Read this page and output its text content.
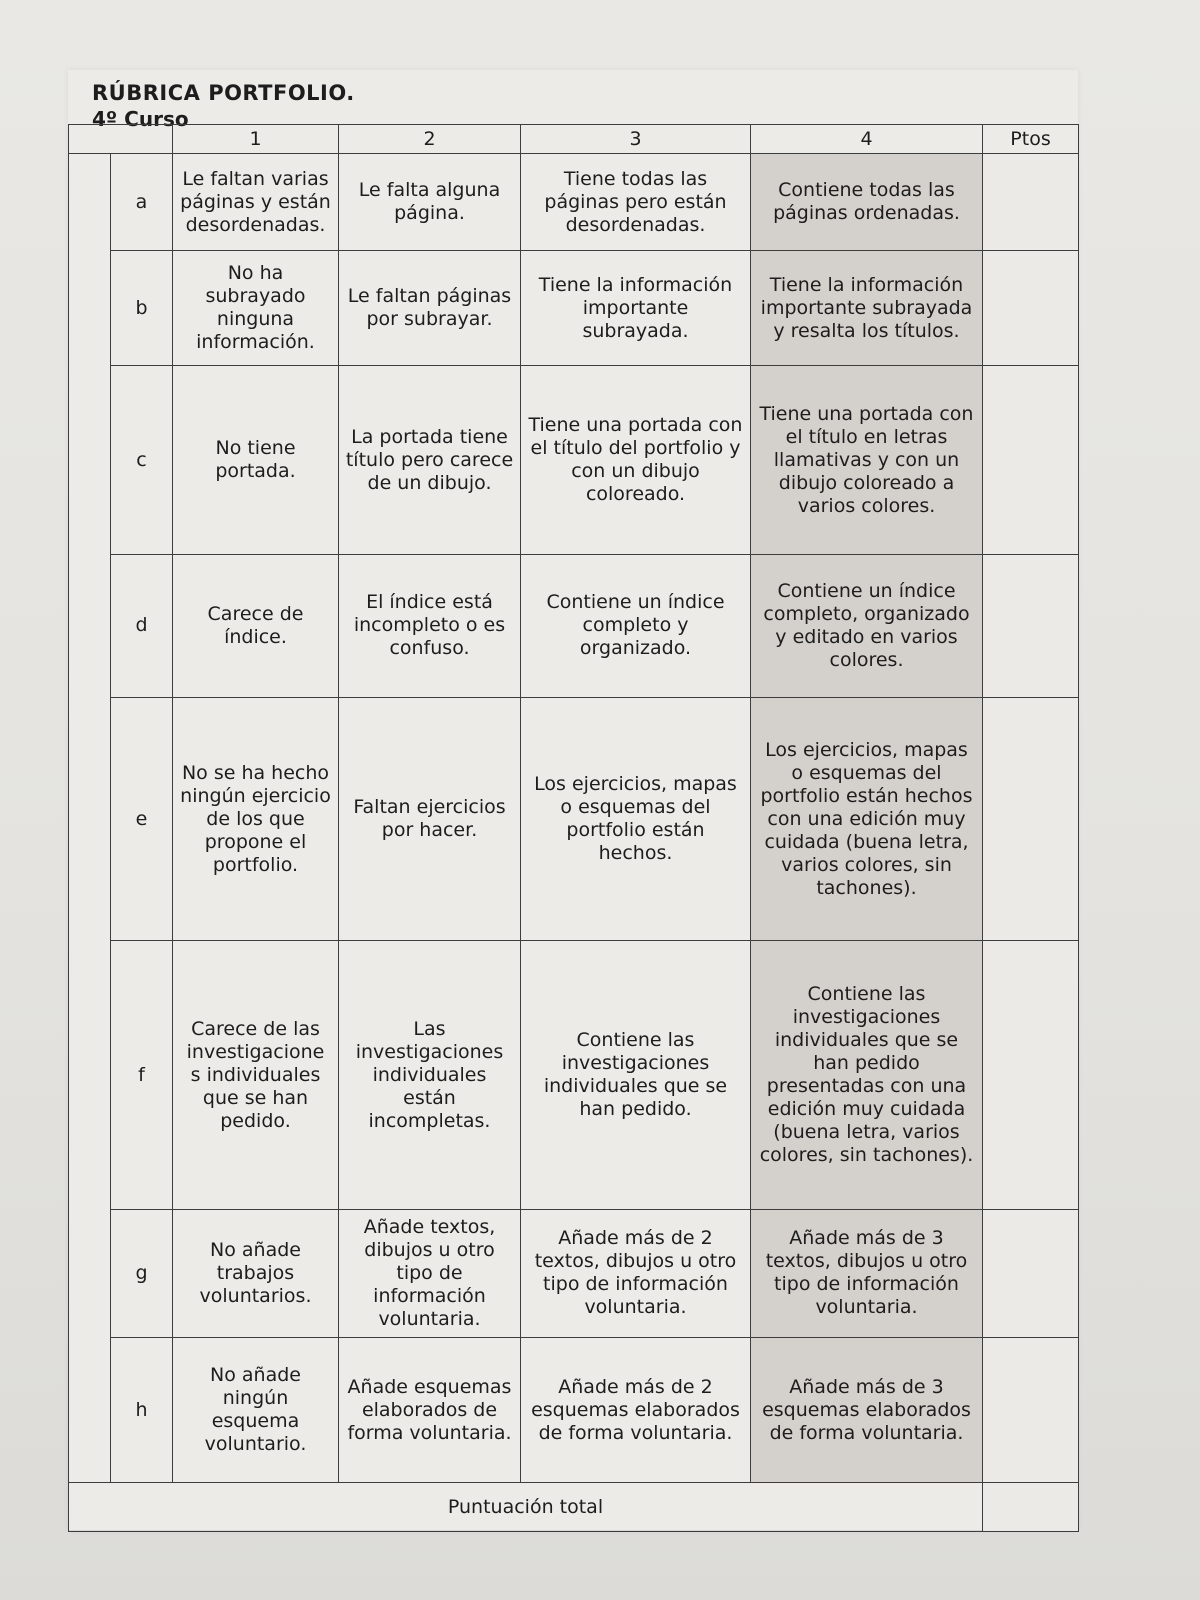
RÚBRICA PORTFOLIO.
4º Curso
		1	2	3	4	Ptos
	a	Le faltan varias páginas y están desordenadas.	Le falta alguna página.	Tiene todas las páginas pero están desordenadas.	Contiene todas las páginas ordenadas.	
	b	No ha subrayado ninguna información.	Le faltan páginas por subrayar.	Tiene la información importante subrayada.	Tiene la información importante subrayada y resalta los títulos.	
	c	No tiene portada.	La portada tiene título pero carece de un dibujo.	Tiene una portada con el título del portfolio y con un dibujo coloreado.	Tiene una portada con el título en letras llamativas y con un dibujo coloreado a varios colores.	
	d	Carece de índice.	El índice está incompleto o es confuso.	Contiene un índice completo y organizado.	Contiene un índice completo, organizado y editado en varios colores.	
	e	No se ha hecho ningún ejercicio de los que propone el portfolio.	Faltan ejercicios por hacer.	Los ejercicios, mapas o esquemas del portfolio están hechos.	Los ejercicios, mapas o esquemas del portfolio están hechos con una edición muy cuidada (buena letra, varios colores, sin tachones).	
	f	Carece de las investigacione s individuales que se han pedido.	Las investigaciones individuales están incompletas.	Contiene las investigaciones individuales que se han pedido.	Contiene las investigaciones individuales que se han pedido presentadas con una edición muy cuidada (buena letra, varios colores, sin tachones).	
	g	No añade trabajos voluntarios.	Añade textos, dibujos u otro tipo de información voluntaria.	Añade más de 2 textos, dibujos u otro tipo de información voluntaria.	Añade más de 3 textos, dibujos u otro tipo de información voluntaria.	
	h	No añade ningún esquema voluntario.	Añade esquemas elaborados de forma voluntaria.	Añade más de 2 esquemas elaborados de forma voluntaria.	Añade más de 3 esquemas elaborados de forma voluntaria.	
Puntuación total						
